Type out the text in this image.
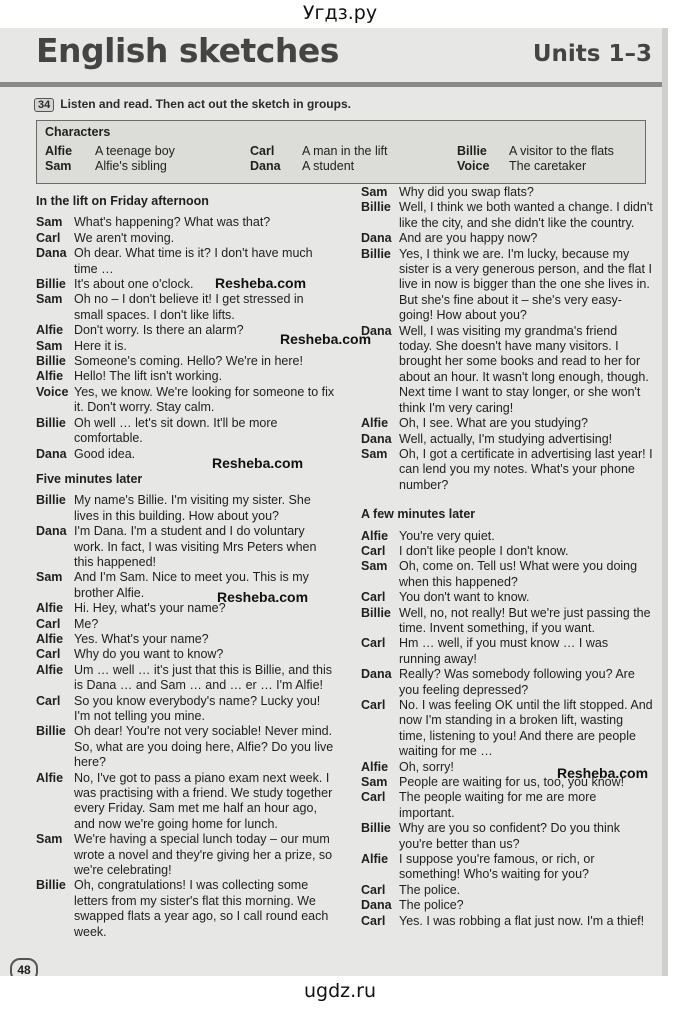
Угдз.ру
English sketches	Units 1–3
34 Listen and read. Then act out the sketch in groups.
Characters
Alfie	A teenage boy	Carl	A man in the lift	Billie	A visitor to the flats
Sam	Alfie's sibling	Dana	A student	Voice	The caretaker
In the lift on Friday afternoon
Sam What's happening? What was that?
Carl	We aren't moving.
Dana Oh dear. What time is it? I don't have much time …
Billie It's about one o'clock.
Sam Oh no – I don't believe it! I get stressed in small spaces. I don't like lifts.
Alfie Don't worry. Is there an alarm?
Sam Here it is.
Billie Someone's coming. Hello? We're in here!
Alfie Hello! The lift isn't working.
Voice Yes, we know. We're looking for someone to fix it. Don't worry. Stay calm.
Billie Oh well … let's sit down. It'll be more comfortable.
Dana Good idea.
Five minutes later
Billie My name's Billie. I'm visiting my sister. She lives in this building. How about you?
Dana I'm Dana. I'm a student and I do voluntary work. In fact, I was visiting Mrs Peters when this happened!
Sam And I'm Sam. Nice to meet you. This is my brother Alfie.
Alfie Hi. Hey, what's your name?
Carl	Me?
Alfie Yes. What's your name?
Carl	Why do you want to know?
Alfie Um … well … it's just that this is Billie, and this is Dana … and Sam … and … er … I'm Alfie!
Carl	So you know everybody's name? Lucky you! I'm not telling you mine.
Billie Oh dear! You're not very sociable! Never mind. So, what are you doing here, Alfie? Do you live here?
Alfie No, I've got to pass a piano exam next week. I was practising with a friend. We study together every Friday. Sam met me half an hour ago, and now we're going home for lunch.
Sam We're having a special lunch today – our mum wrote a novel and they're giving her a prize, so we're celebrating!
Billie Oh, congratulations! I was collecting some letters from my sister's flat this morning. We swapped flats a year ago, so I call round each week.
Sam Why did you swap flats?
Billie Well, I think we both wanted a change. I didn't like the city, and she didn't like the country.
Dana And are you happy now?
Billie Yes, I think we are. I'm lucky, because my sister is a very generous person, and the flat I live in now is bigger than the one she lives in. But she's fine about it – she's very easy-going! How about you?
Dana Well, I was visiting my grandma's friend today. She doesn't have many visitors. I brought her some books and read to her for about an hour. It wasn't long enough, though. Next time I want to stay longer, or she won't think I'm very caring!
Alfie Oh, I see. What are you studying?
Dana Well, actually, I'm studying advertising!
Sam Oh, I got a certificate in advertising last year! I can lend you my notes. What's your phone number?
A few minutes later
Alfie You're very quiet.
Carl	I don't like people I don't know.
Sam Oh, come on. Tell us! What were you doing when this happened?
Carl	You don't want to know.
Billie Well, no, not really! But we're just passing the time. Invent something, if you want.
Carl	Hm … well, if you must know … I was running away!
Dana Really? Was somebody following you? Are you feeling depressed?
Carl	No. I was feeling OK until the lift stopped. And now I'm standing in a broken lift, wasting time, listening to you! And there are people waiting for me …
Alfie Oh, sorry!
Sam People are waiting for us, too, you know!
Carl	The people waiting for me are more important.
Billie Why are you so confident? Do you think you're better than us?
Alfie I suppose you're famous, or rich, or something! Who's waiting for you?
Carl	The police.
Dana The police?
Carl	Yes. I was robbing a flat just now. I'm a thief!
Resheba.com
Resheba.com
Resheba.com
Resheba.com
Resheba.com
48
ugdz.ru
